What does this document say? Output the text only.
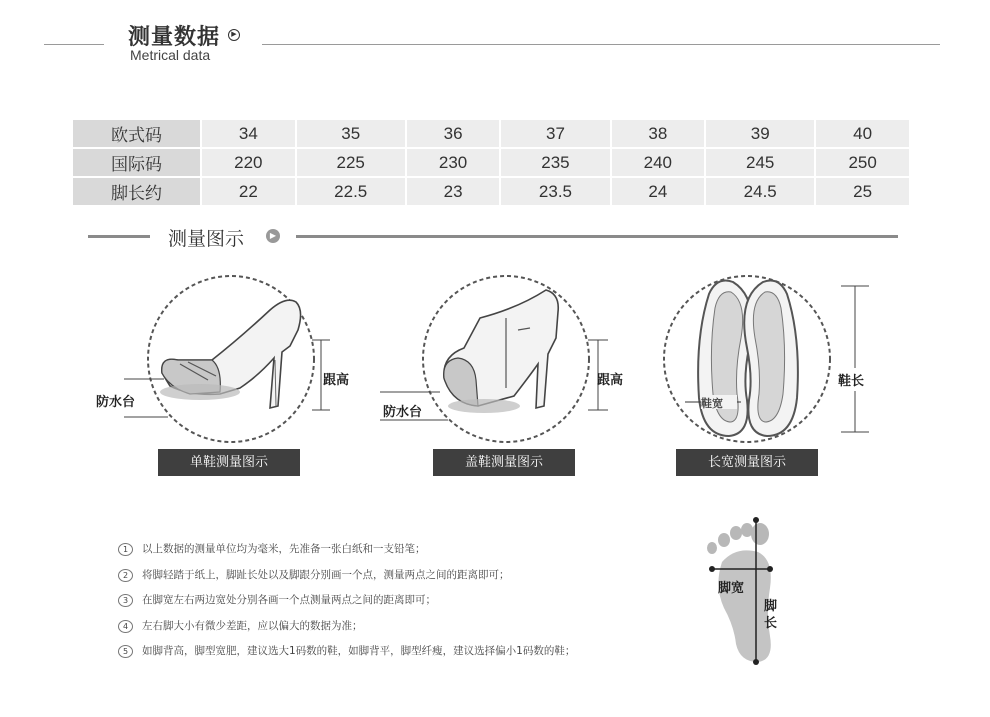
测量数据	▶
Metrical data
欧式码	34	35	36	37	38	39	40
国际码	220	225	230	235	240	245	250
脚长约	22	22.5	23	23.5	24	24.5	25
测量图示	▶
防水台
跟高
单鞋测量图示
防水台
跟高
盖鞋测量图示
鞋宽
鞋长
长宽测量图示
1 以上数据的测量单位均为毫米，先准备一张白纸和一支铅笔；
2 将脚轻踏于纸上，脚趾长处以及脚跟分别画一个点，测量两点之间的距离即可；
3 在脚宽左右两边宽处分别各画一个点测量两点之间的距离即可；
4 左右脚大小有微少差距，应以偏大的数据为准；
5 如脚背高，脚型宽肥，建议选大1码数的鞋，如脚背平，脚型纤瘦，建议选择偏小1码数的鞋；
脚宽
脚
长
